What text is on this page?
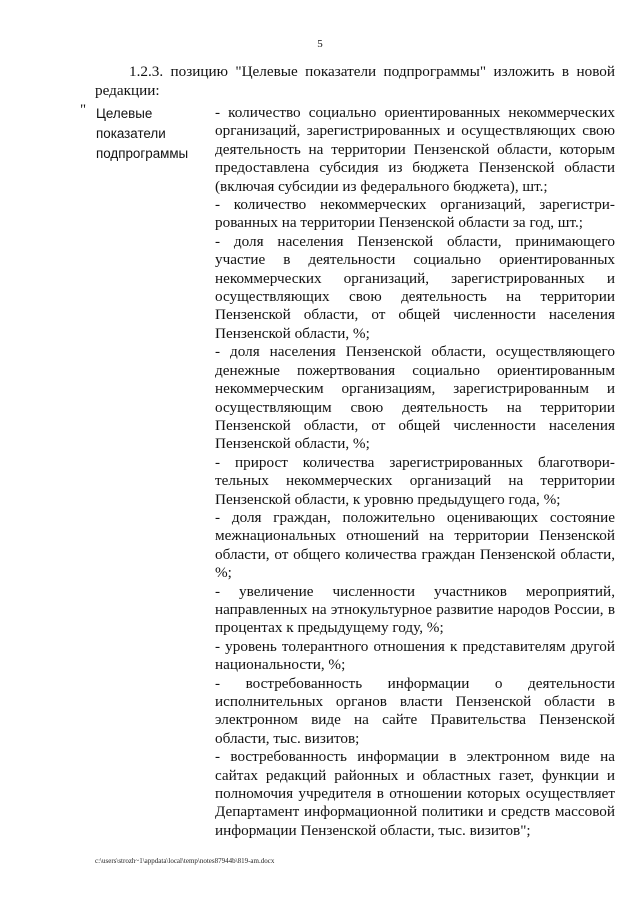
5

1.2.3. позицию "Целевые показатели подпрограммы" изложить в новой редакции:

" Целевые
показатели
подпрограммы

- количество социально ориентированных некоммерческих организаций, зарегистрированных и осуществляющих свою деятельность на территории Пензенской области, которым предоставлена субсидия из бюджета Пензенской области (включая субсидии из федерального бюджета), шт.;

- количество некоммерческих организаций, зарегистри-рованных на территории Пензенской области за год, шт.;

- доля населения Пензенской области, принимающего участие в деятельности социально ориентированных некоммерческих организаций, зарегистрированных и осуществляющих свою деятельность на территории Пензенской области, от общей численности населения Пензенской области, %;

- доля населения Пензенской области, осуществляющего денежные пожертвования социально ориентированным некоммерческим организациям, зарегистрированным и осуществляющим свою деятельность на территории Пензенской области, от общей численности населения Пензенской области, %;

- прирост количества зарегистрированных благотвори-тельных некоммерческих организаций на территории Пензенской области, к уровню предыдущего года, %;

- доля граждан, положительно оценивающих состояние межнациональных отношений на территории Пензенской области, от общего количества граждан Пензенской области, %;

- увеличение численности участников мероприятий, направленных на этнокультурное развитие народов России, в процентах к предыдущему году, %;

- уровень толерантного отношения к представителям другой национальности, %;

- востребованность информации о деятельности исполнительных органов власти Пензенской области в электронном виде на сайте Правительства Пензенской области, тыс. визитов;

- востребованность информации в электронном виде на сайтах редакций районных и областных газет, функции и полномочия учредителя в отношении которых осуществляет Департамент информационной политики и средств массовой информации Пензенской области, тыс. визитов";

c:\users\strozh~1\appdata\local\temp\notes87944b\819-am.docx
